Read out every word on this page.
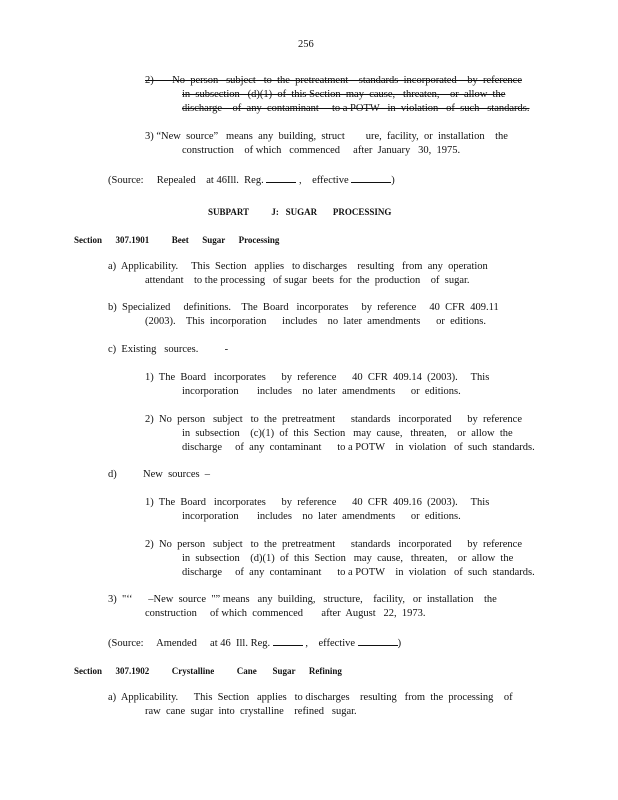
256

2)       No  person   subject   to  the  pretreatment    standards  incorporated    by  reference

in  subsection   (d)(1)  of  this Section  may  cause,   threaten,    or  allow  the

discharge    of  any  contaminant     to a POTW   in  violation   of  such   standards.

3) “New  source”   means  any  building,  struct        ure,  facility,  or  installation    the

construction    of which   commenced     after  January   30,  1975.

(Source:     Repealed    at 46Ill.  Reg.	,    effective	)

SUBPART          J:   SUGAR       PROCESSING

Section      307.1901          Beet      Sugar      Processing

a)  Applicability.     This  Section   applies   to discharges    resulting   from  any  operation

attendant    to the processing   of sugar  beets  for  the  production    of  sugar.

b)  Specialized     definitions.    The  Board   incorporates     by  reference     40  CFR  409.11

(2003).    This  incorporation      includes    no  later  amendments      or  editions.

c)  Existing   sources.          -

1)  The  Board   incorporates      by  reference      40  CFR  409.14  (2003).     This

incorporation       includes    no  later  amendments      or  editions.

2)  No  person   subject   to  the  pretreatment      standards   incorporated      by  reference

in  subsection    (c)(1)  of  this  Section   may  cause,   threaten,    or  allow  the

discharge     of  any  contaminant      to a POTW    in  violation   of  such  standards.

d)          New  sources  –

1)  The  Board   incorporates      by  reference      40  CFR  409.16  (2003).     This

incorporation       includes    no  later  amendments      or  editions.

2)  No  person   subject   to  the  pretreatment      standards   incorporated      by  reference

in  subsection    (d)(1)  of  this  Section   may  cause,   threaten,    or  allow  the

discharge     of  any  contaminant      to a POTW    in  violation   of  such  standards.

3)  "‘‘      –New  source  "” means   any  building,   structure,    facility,   or  installation    the

construction     of which  commenced       after  August   22,  1973.

(Source:     Amended     at 46  Ill. Reg.	,    effective	)

Section      307.1902          Crystalline          Cane       Sugar      Refining

a)  Applicability.      This  Section   applies   to discharges    resulting   from  the  processing    of

raw  cane  sugar  into  crystalline    refined   sugar.
